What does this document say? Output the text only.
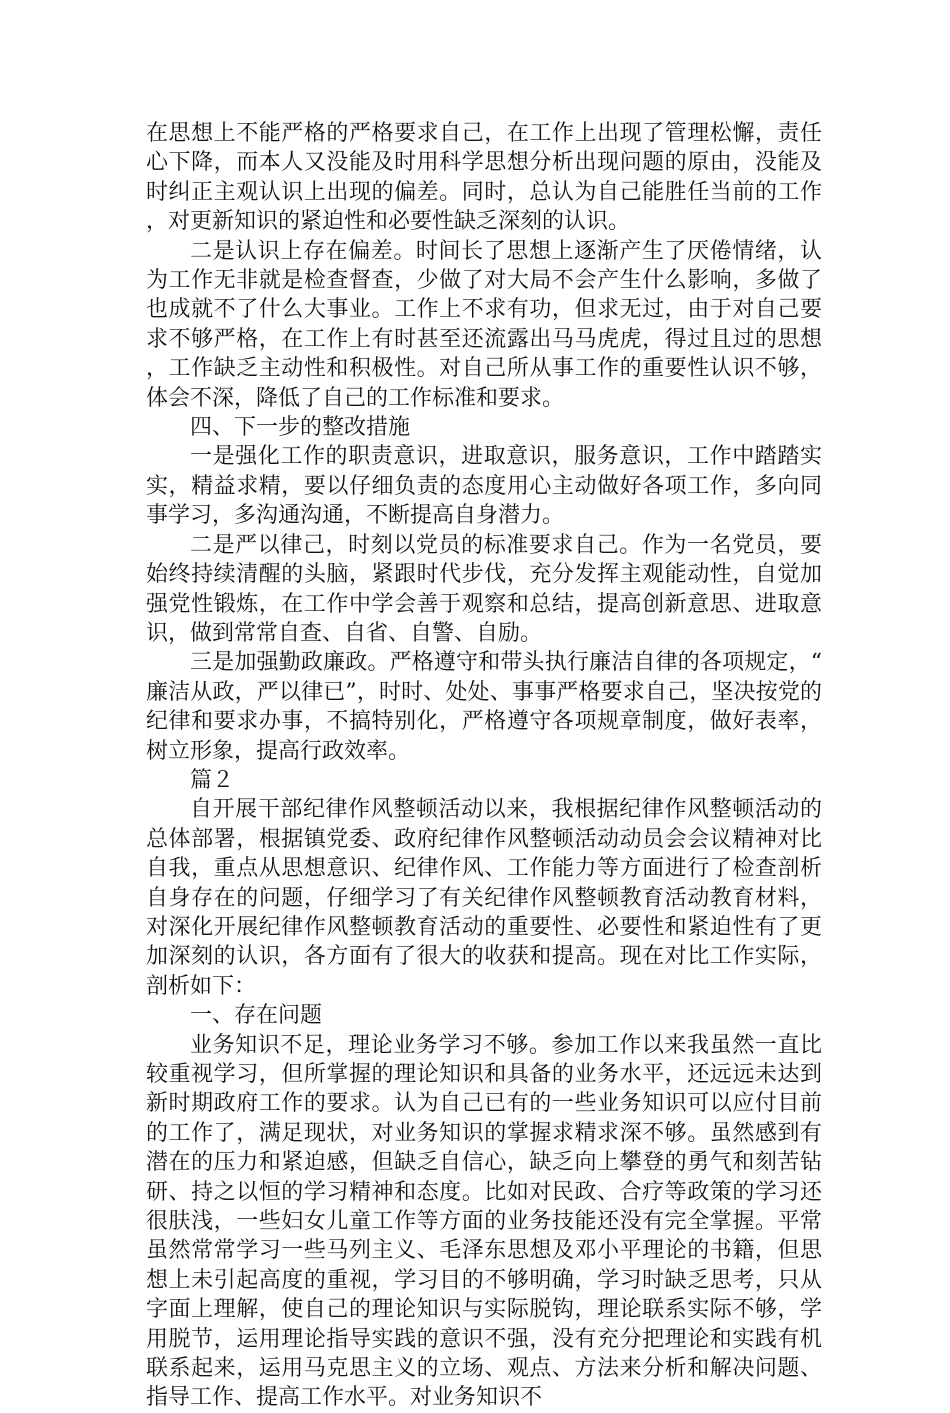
在思想上不能严格的严格要求自己，在工作上出现了管理松懈，责任心下降，而本人又没能及时用科学思想分析出现问题的原由，没能及时纠正主观认识上出现的偏差。同时，总认为自己能胜任当前的工作，对更新知识的紧迫性和必要性缺乏深刻的认识。

二是认识上存在偏差。时间长了思想上逐渐产生了厌倦情绪，认为工作无非就是检查督查，少做了对大局不会产生什么影响，多做了也成就不了什么大事业。工作上不求有功，但求无过，由于对自己要求不够严格，在工作上有时甚至还流露出马马虎虎，得过且过的思想，工作缺乏主动性和积极性。对自己所从事工作的重要性认识不够，体会不深，降低了自己的工作标准和要求。

四、下一步的整改措施

一是强化工作的职责意识，进取意识，服务意识，工作中踏踏实实，精益求精，要以仔细负责的态度用心主动做好各项工作，多向同事学习，多沟通沟通，不断提高自身潜力。

二是严以律己，时刻以党员的标准要求自己。作为一名党员，要始终持续清醒的头脑，紧跟时代步伐，充分发挥主观能动性，自觉加强党性锻炼，在工作中学会善于观察和总结，提高创新意思、进取意识，做到常常自查、自省、自警、自励。

三是加强勤政廉政。严格遵守和带头执行廉洁自律的各项规定，“廉洁从政，严以律已”，时时、处处、事事严格要求自己，坚决按党的纪律和要求办事，不搞特别化，严格遵守各项规章制度，做好表率，树立形象，提高行政效率。

篇２

自开展干部纪律作风整顿活动以来，我根据纪律作风整顿活动的总体部署，根据镇党委、政府纪律作风整顿活动动员会会议精神对比自我，重点从思想意识、纪律作风、工作能力等方面进行了检查剖析自身存在的问题，仔细学习了有关纪律作风整顿教育活动教育材料，对深化开展纪律作风整顿教育活动的重要性、必要性和紧迫性有了更加深刻的认识，各方面有了很大的收获和提高。现在对比工作实际，剖析如下：

一、存在问题

业务知识不足，理论业务学习不够。参加工作以来我虽然一直比较重视学习，但所掌握的理论知识和具备的业务水平，还远远未达到新时期政府工作的要求。认为自己已有的一些业务知识可以应付目前的工作了，满足现状，对业务知识的掌握求精求深不够。虽然感到有潜在的压力和紧迫感，但缺乏自信心，缺乏向上攀登的勇气和刻苦钻研、持之以恒的学习精神和态度。比如对民政、合疗等政策的学习还很肤浅，一些妇女儿童工作等方面的业务技能还没有完全掌握。平常虽然常常学习一些马列主义、毛泽东思想及邓小平理论的书籍，但思想上未引起高度的重视，学习目的不够明确，学习时缺乏思考，只从字面上理解，使自己的理论知识与实际脱钩，理论联系实际不够，学用脱节，运用理论指导实践的意识不强，没有充分把理论和实践有机联系起来，运用马克思主义的立场、观点、方法来分析和解决问题、指导工作、提高工作水平。对业务知识不
